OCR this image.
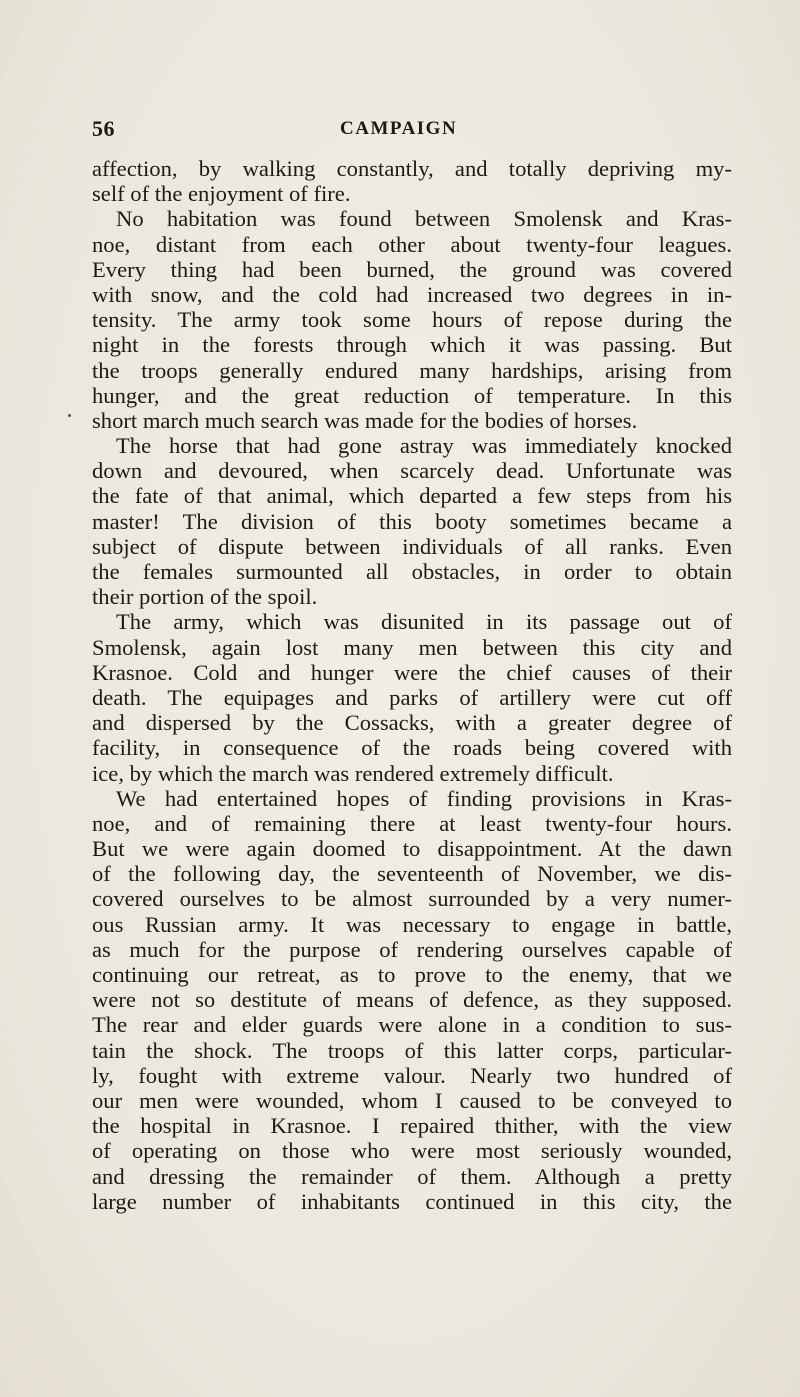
56	CAMPAIGN
affection, by walking constantly, and totally depriving my-
self of the enjoyment of fire.
No habitation was found between Smolensk and Kras-
noe, distant from each other about twenty-four leagues.
Every thing had been burned, the ground was covered
with snow, and the cold had increased two degrees in in-
tensity. The army took some hours of repose during the
night in the forests through which it was passing. But
the troops generally endured many hardships, arising from
hunger, and the great reduction of temperature. In this
short march much search was made for the bodies of horses.
The horse that had gone astray was immediately knocked
down and devoured, when scarcely dead. Unfortunate was
the fate of that animal, which departed a few steps from his
master! The division of this booty sometimes became a
subject of dispute between individuals of all ranks. Even
the females surmounted all obstacles, in order to obtain
their portion of the spoil.
The army, which was disunited in its passage out of
Smolensk, again lost many men between this city and
Krasnoe. Cold and hunger were the chief causes of their
death. The equipages and parks of artillery were cut off
and dispersed by the Cossacks, with a greater degree of
facility, in consequence of the roads being covered with
ice, by which the march was rendered extremely difficult.
We had entertained hopes of finding provisions in Kras-
noe, and of remaining there at least twenty-four hours.
But we were again doomed to disappointment. At the dawn
of the following day, the seventeenth of November, we dis-
covered ourselves to be almost surrounded by a very numer-
ous Russian army. It was necessary to engage in battle,
as much for the purpose of rendering ourselves capable of
continuing our retreat, as to prove to the enemy, that we
were not so destitute of means of defence, as they supposed.
The rear and elder guards were alone in a condition to sus-
tain the shock. The troops of this latter corps, particular-
ly, fought with extreme valour. Nearly two hundred of
our men were wounded, whom I caused to be conveyed to
the hospital in Krasnoe. I repaired thither, with the view
of operating on those who were most seriously wounded,
and dressing the remainder of them. Although a pretty
large number of inhabitants continued in this city, the
